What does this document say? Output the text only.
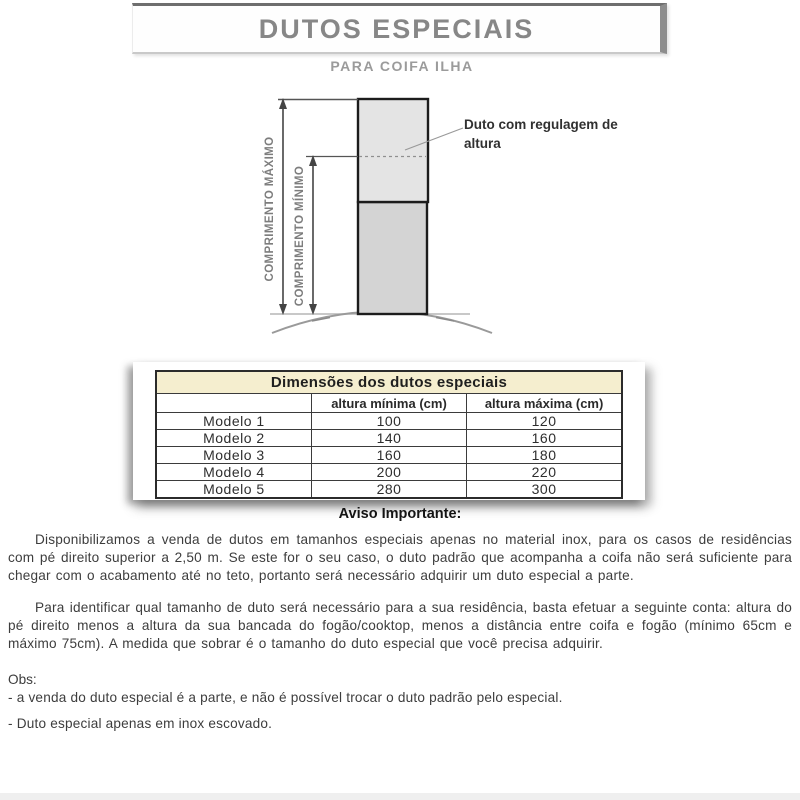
DUTOS ESPECIAIS
PARA COIFA ILHA
COMPRIMENTO MÁXIMO COMPRIMENTO MÍNIMO
Duto com regulagem de altura
Dimensões dos dutos especiais		
	altura mínima (cm)	altura máxima (cm)
Modelo 1	100	120
Modelo 2	140	160
Modelo 3	160	180
Modelo 4	200	220
Modelo 5	280	300
Aviso Importante:
Disponibilizamos a venda de dutos em tamanhos especiais apenas no material inox, para os casos de residências com pé direito superior a 2,50 m. Se este for o seu caso, o duto padrão que acompanha a coifa não será suficiente para chegar com o acabamento até no teto, portanto será necessário adquirir um duto especial a parte.
Para identificar qual tamanho de duto será necessário para a sua residência, basta efetuar a seguinte conta: altura do pé direito menos a altura da sua bancada do fogão/cooktop, menos a distância entre coifa e fogão (mínimo 65cm e máximo 75cm). A medida que sobrar é o tamanho do duto especial que você precisa adquirir.
Obs:
- a venda do duto especial é a parte, e não é possível trocar o duto padrão pelo especial.
- Duto especial apenas em inox escovado.
